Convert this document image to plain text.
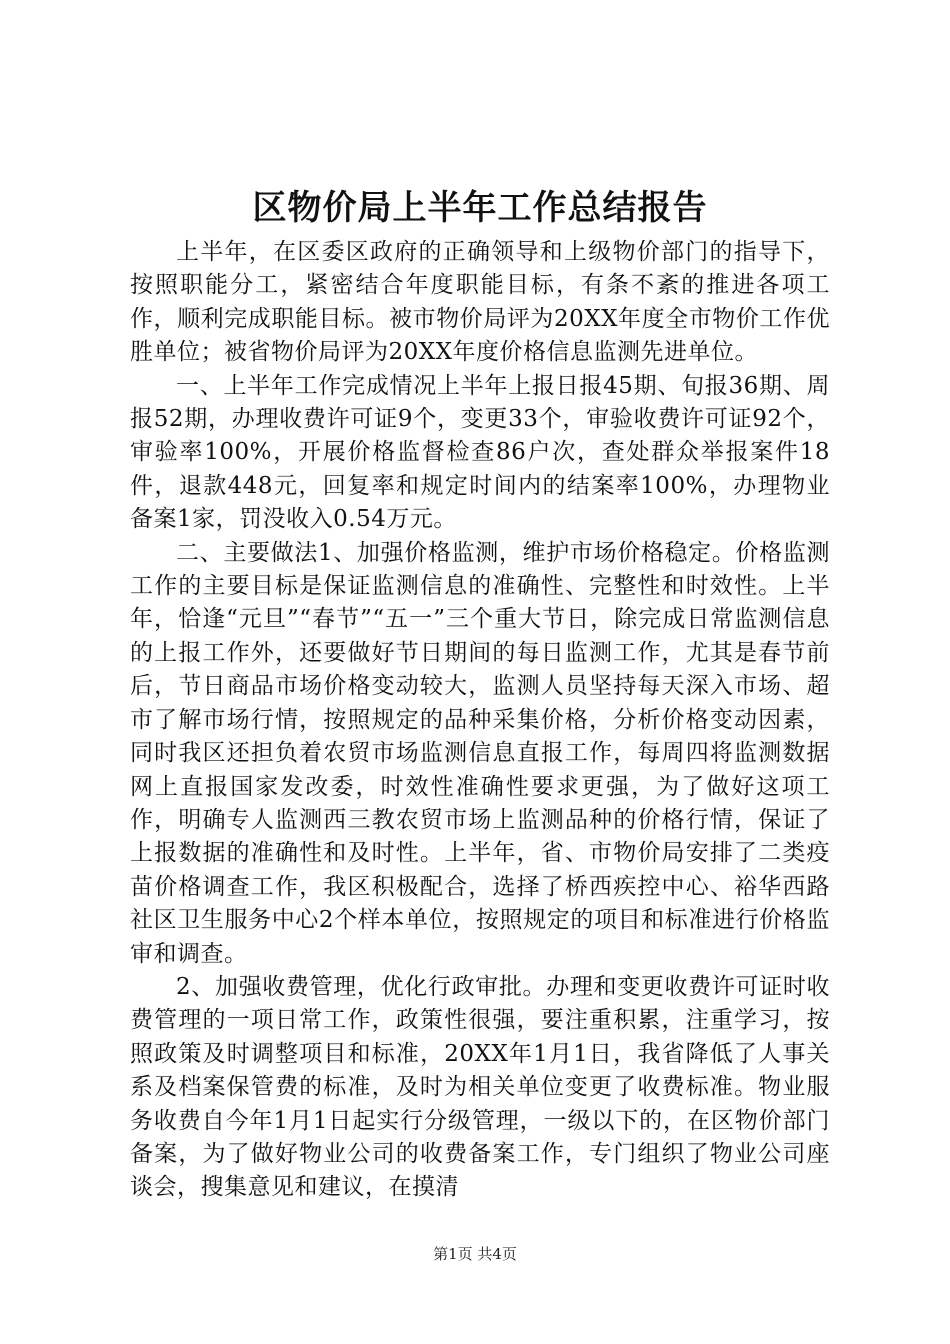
区物价局上半年工作总结报告

上半年，在区委区政府的正确领导和上级物价部门的指导下，按照职能分工，紧密结合年度职能目标，有条不紊的推进各项工作，顺利完成职能目标。被市物价局评为20XX年度全市物价工作优胜单位；被省物价局评为20XX年度价格信息监测先进单位。

一、上半年工作完成情况上半年上报日报45期、旬报36期、周报52期，办理收费许可证9个，变更33个，审验收费许可证92个，审验率100%，开展价格监督检查86户次，查处群众举报案件18件，退款448元，回复率和规定时间内的结案率100%，办理物业备案1家，罚没收入0.54万元。

二、主要做法1、加强价格监测，维护市场价格稳定。价格监测工作的主要目标是保证监测信息的准确性、完整性和时效性。上半年，恰逢“元旦”“春节”“五一”三个重大节日，除完成日常监测信息的上报工作外，还要做好节日期间的每日监测工作，尤其是春节前后，节日商品市场价格变动较大，监测人员坚持每天深入市场、超市了解市场行情，按照规定的品种采集价格，分析价格变动因素，同时我区还担负着农贸市场监测信息直报工作，每周四将监测数据网上直报国家发改委，时效性准确性要求更强，为了做好这项工作，明确专人监测西三教农贸市场上监测品种的价格行情，保证了上报数据的准确性和及时性。上半年，省、市物价局安排了二类疫苗价格调查工作，我区积极配合，选择了桥西疾控中心、裕华西路社区卫生服务中心2个样本单位，按照规定的项目和标准进行价格监审和调查。

2、加强收费管理，优化行政审批。办理和变更收费许可证时收费管理的一项日常工作，政策性很强，要注重积累，注重学习，按照政策及时调整项目和标准，20XX年1月1日，我省降低了人事关系及档案保管费的标准，及时为相关单位变更了收费标准。物业服务收费自今年1月1日起实行分级管理，一级以下的，在区物价部门备案，为了做好物业公司的收费备案工作，专门组织了物业公司座谈会，搜集意见和建议，在摸清

第1页 共4页
